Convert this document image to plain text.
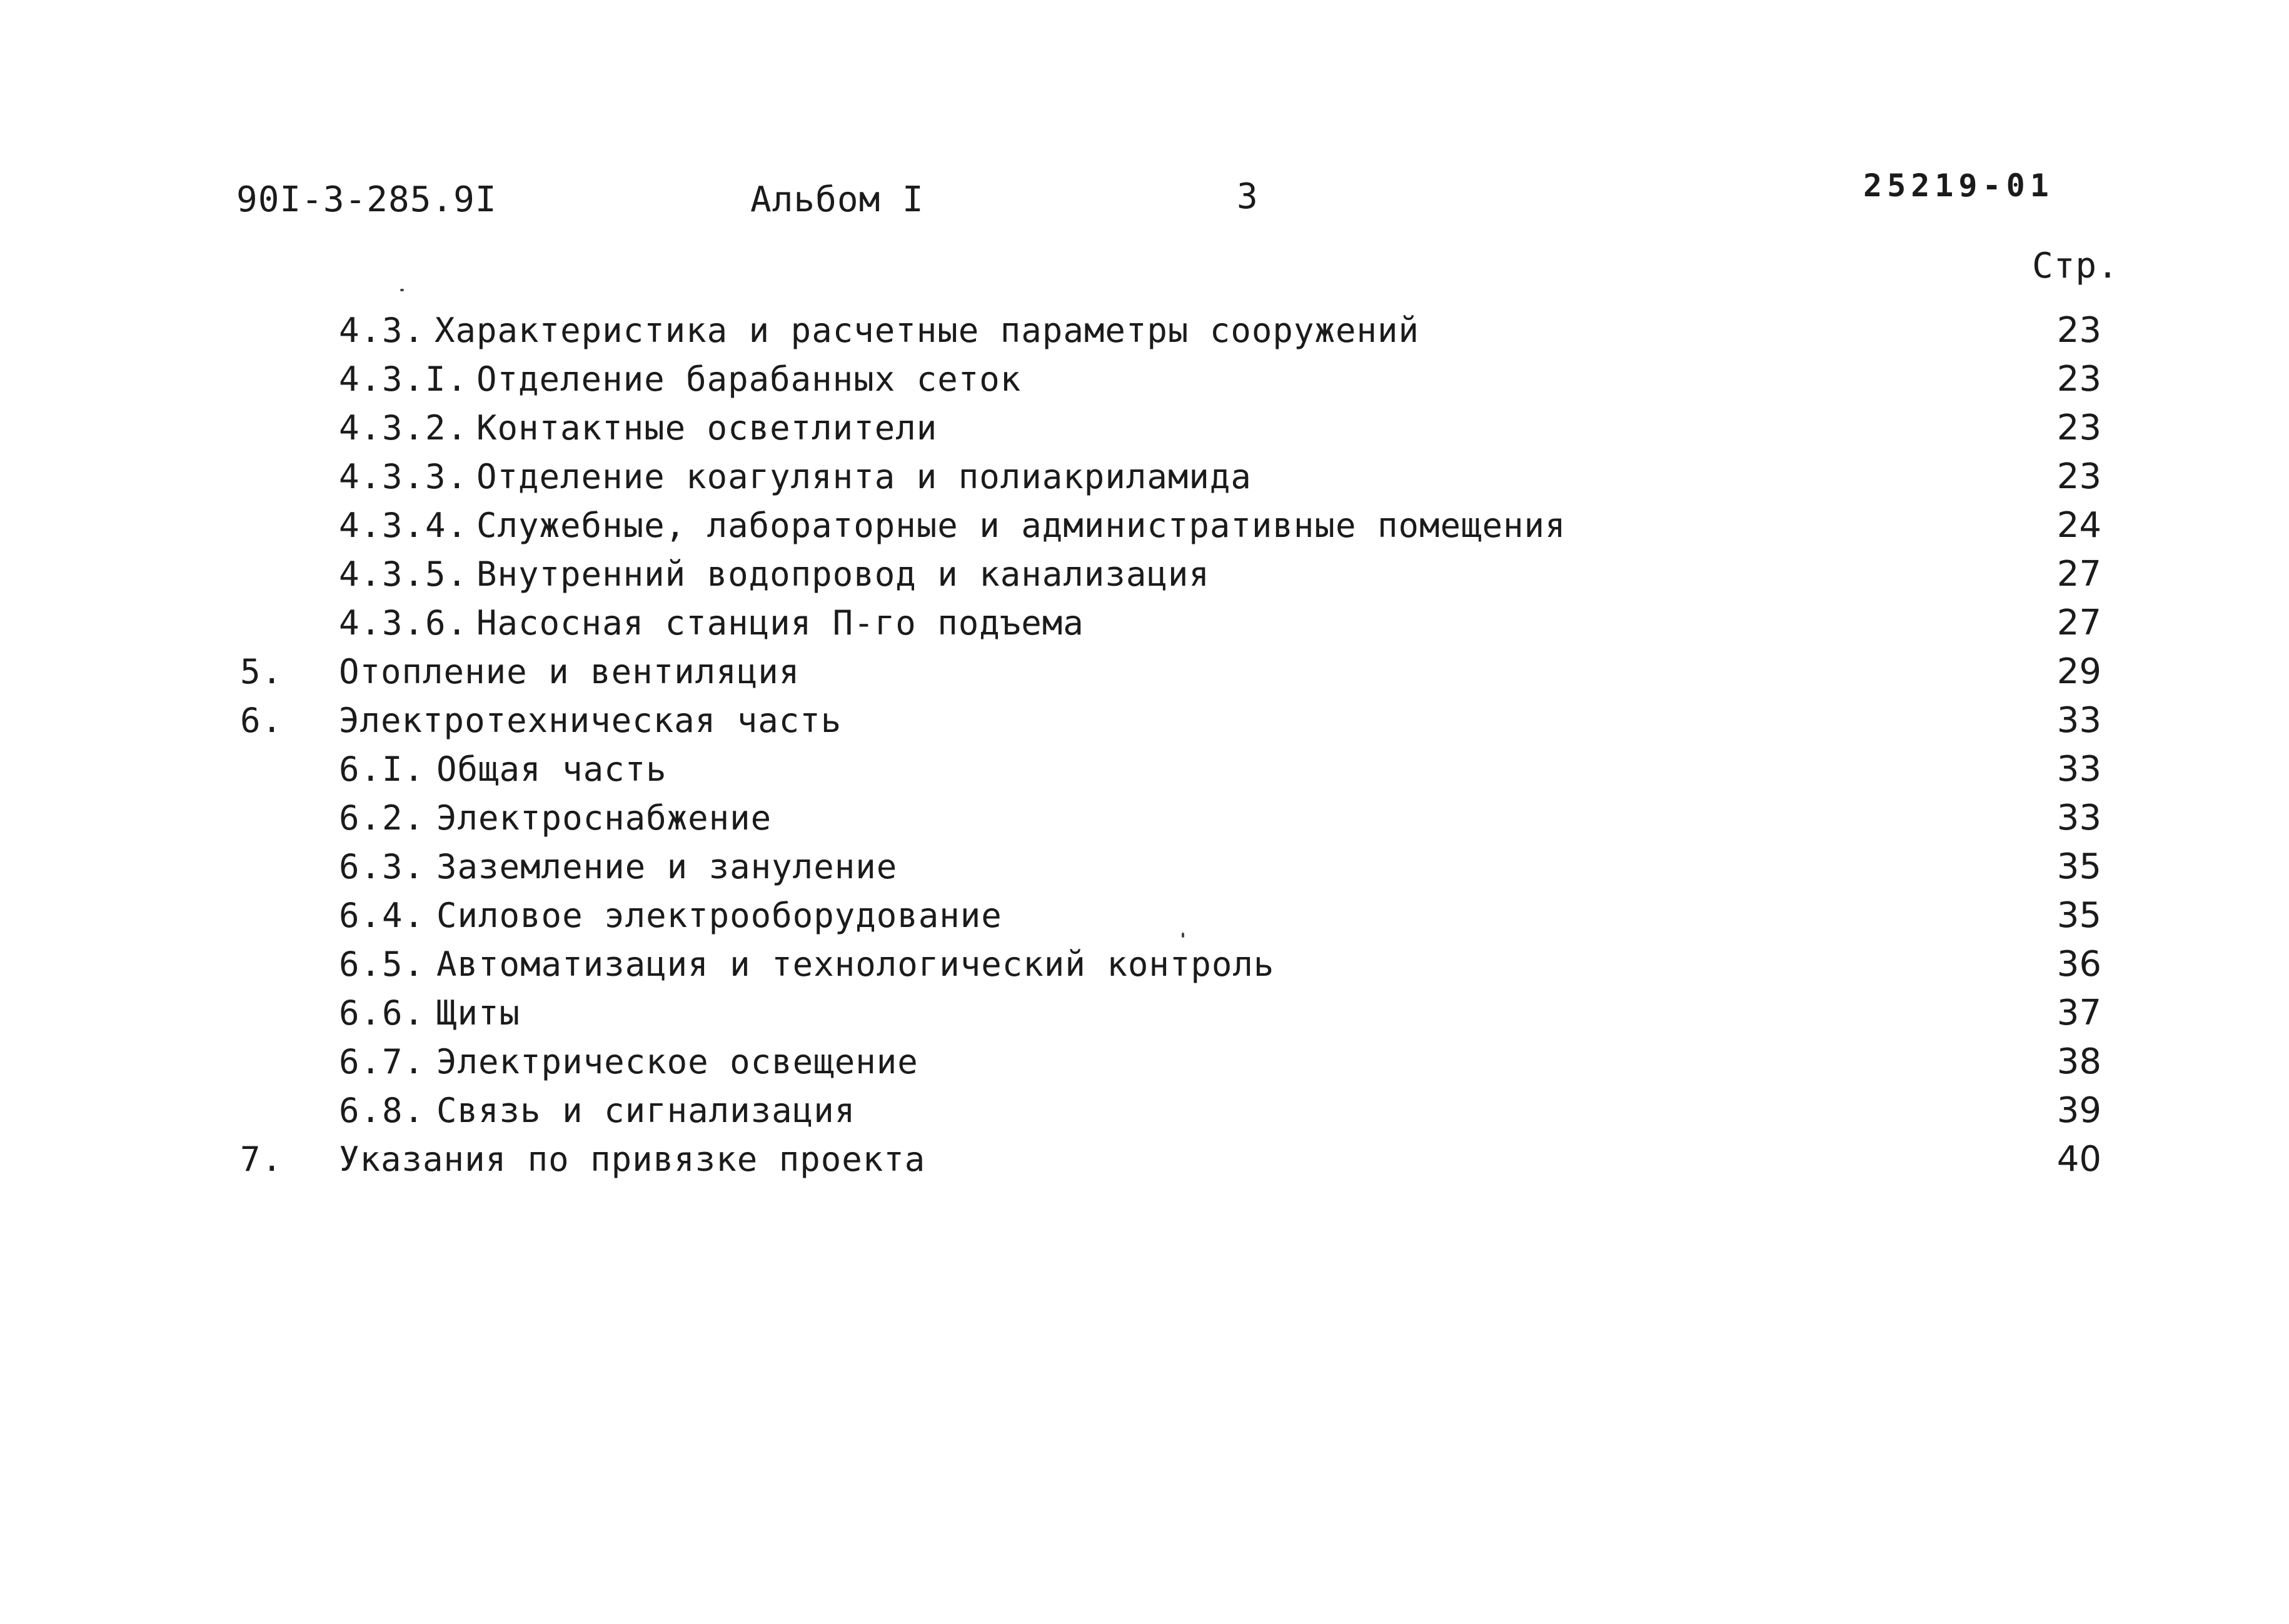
90I-3-285.9I	Альбом I	3	25219-01
Стр.
4.3. Характеристика и расчетные параметры сооружений	23
4.3.I. Отделение барабанных сеток	23
4.3.2. Контактные осветлители	23
4.3.3. Отделение коагулянта и полиакриламида	23
4.3.4. Служебные, лабораторные и административные помещения	24
4.3.5. Внутренний водопровод и канализация	27
4.3.6. Насосная станция П-го подъема	27
5. Отопление и вентиляция	29
6. Электротехническая часть	33
6.I. Общая часть	33
6.2. Электроснабжение	33
6.3. Заземление и зануление	35
6.4. Силовое электрооборудование	35
6.5. Автоматизация и технологический контроль	36
6.6. Щиты	37
6.7. Электрическое освещение	38
6.8. Связь и сигнализация	39
7. Указания по привязке проекта	40
